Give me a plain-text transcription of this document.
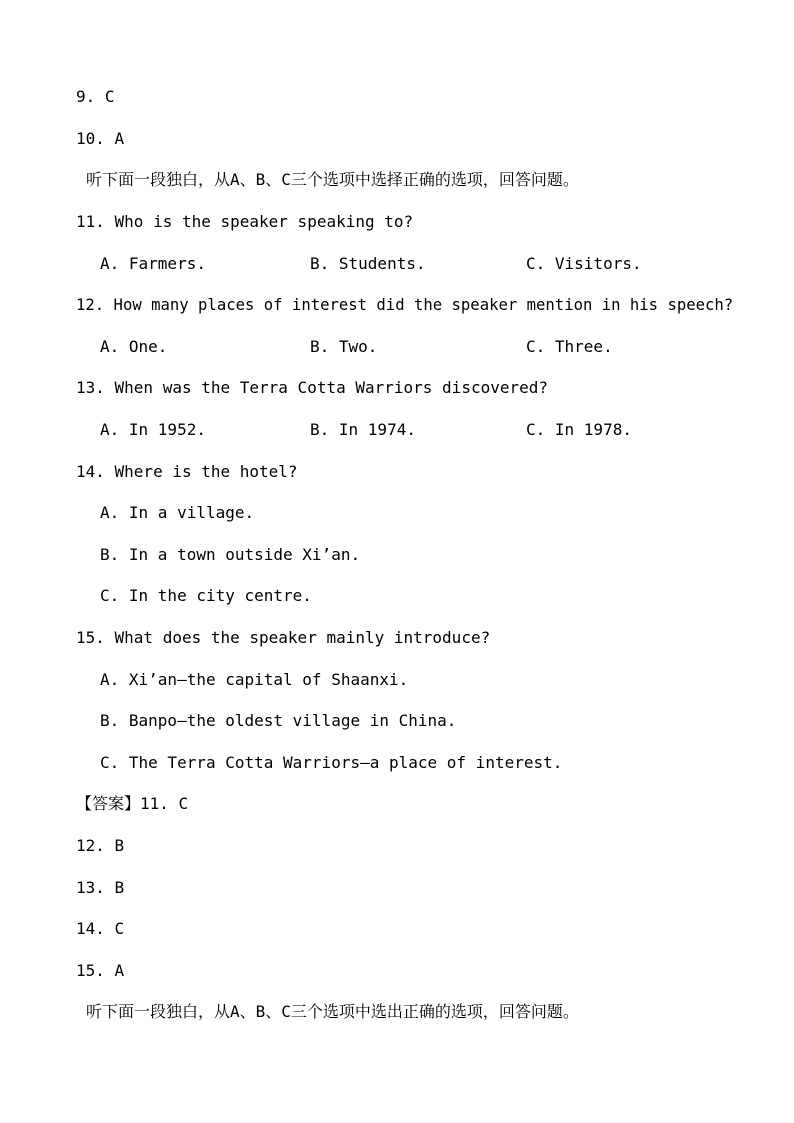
9. C
10. A
听下面一段独白，从A、B、C三个选项中选择正确的选项，回答问题。
11. Who is the speaker speaking to?
A. Farmers.	B. Students.	C. Visitors.
12. How many places of interest did the speaker mention in his speech?
A. One.	B. Two.	C. Three.
13. When was the Terra Cotta Warriors discovered?
A. In 1952.	B. In 1974.	C. In 1978.
14. Where is the hotel?
A. In a village.
B. In a town outside Xi’an.
C. In the city centre.
15. What does the speaker mainly introduce?
A. Xi’an—the capital of Shaanxi.
B. Banpo—the oldest village in China.
C. The Terra Cotta Warriors—a place of interest.
【答案】11. C
12. B
13. B
14. C
15. A
听下面一段独白，从A、B、C三个选项中选出正确的选项，回答问题。
